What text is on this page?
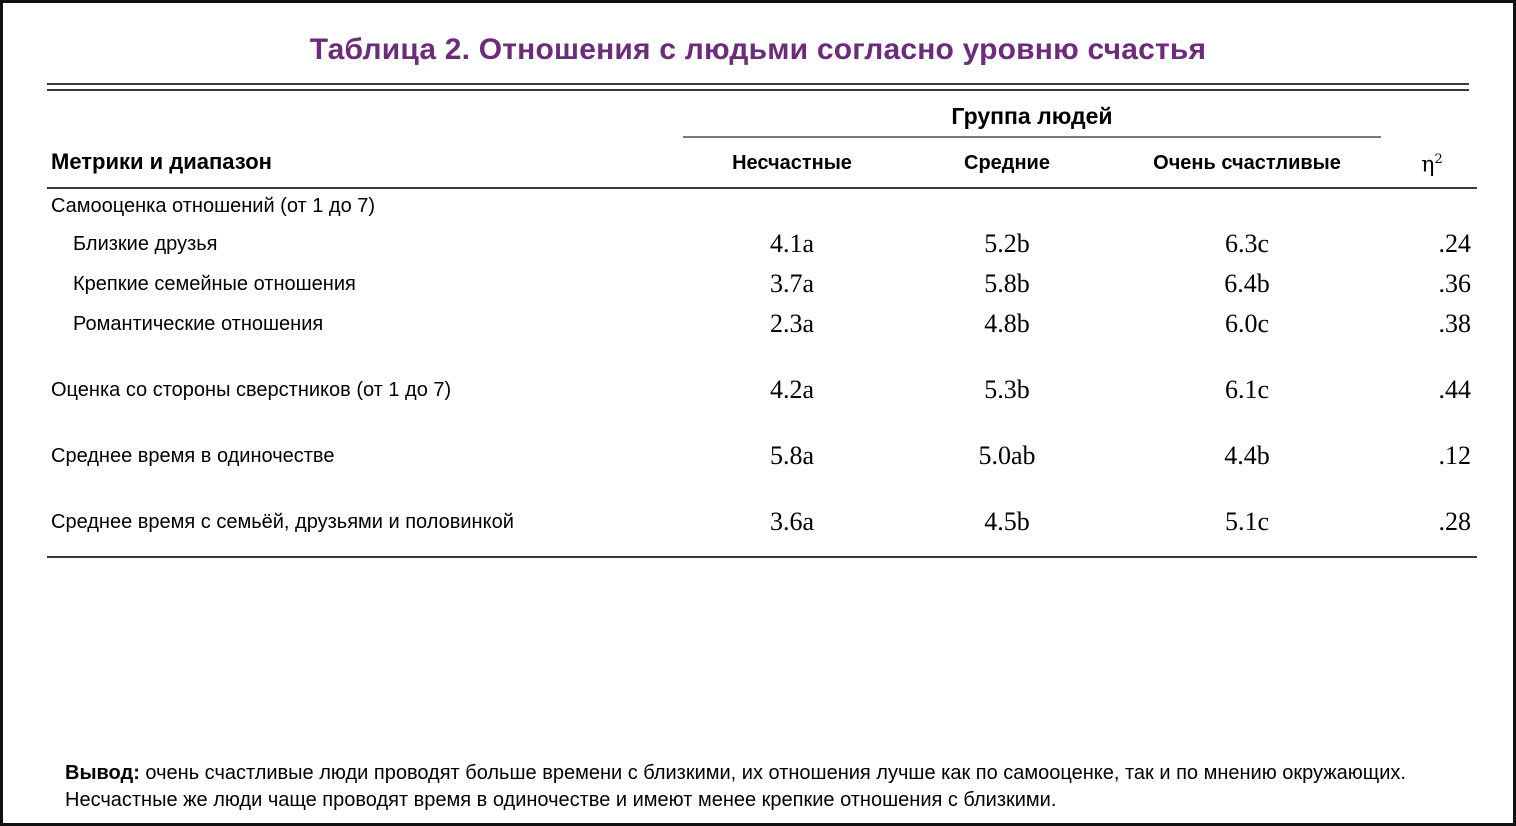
Таблица 2. Отношения с людьми согласно уровню счастья
	Группа людей			

Метрики и диапазон	Несчастные	Средние	Очень счастливые	$\eta^2$

Самооценка отношений (от 1 до 7)				
Близкие друзья	4.1a	5.2b	6.3c	.24
Крепкие семейные отношения	3.7a	5.8b	6.4b	.36
Романтические отношения	2.3a	4.8b	6.0c	.38

Оценка со стороны сверстников (от 1 до 7)	4.2a	5.3b	6.1c	.44

Среднее время в одиночестве	5.8a	5.0ab	4.4b	.12

Среднее время с семьёй, друзьями и половинкой	3.6a	4.5b	5.1c	.28

Вывод: очень счастливые люди проводят больше времени с близкими, их отношения лучше как по самооценке, так и по мнению окружающих. Несчастные же люди чаще проводят время в одиночестве и имеют менее крепкие отношения с близкими.
